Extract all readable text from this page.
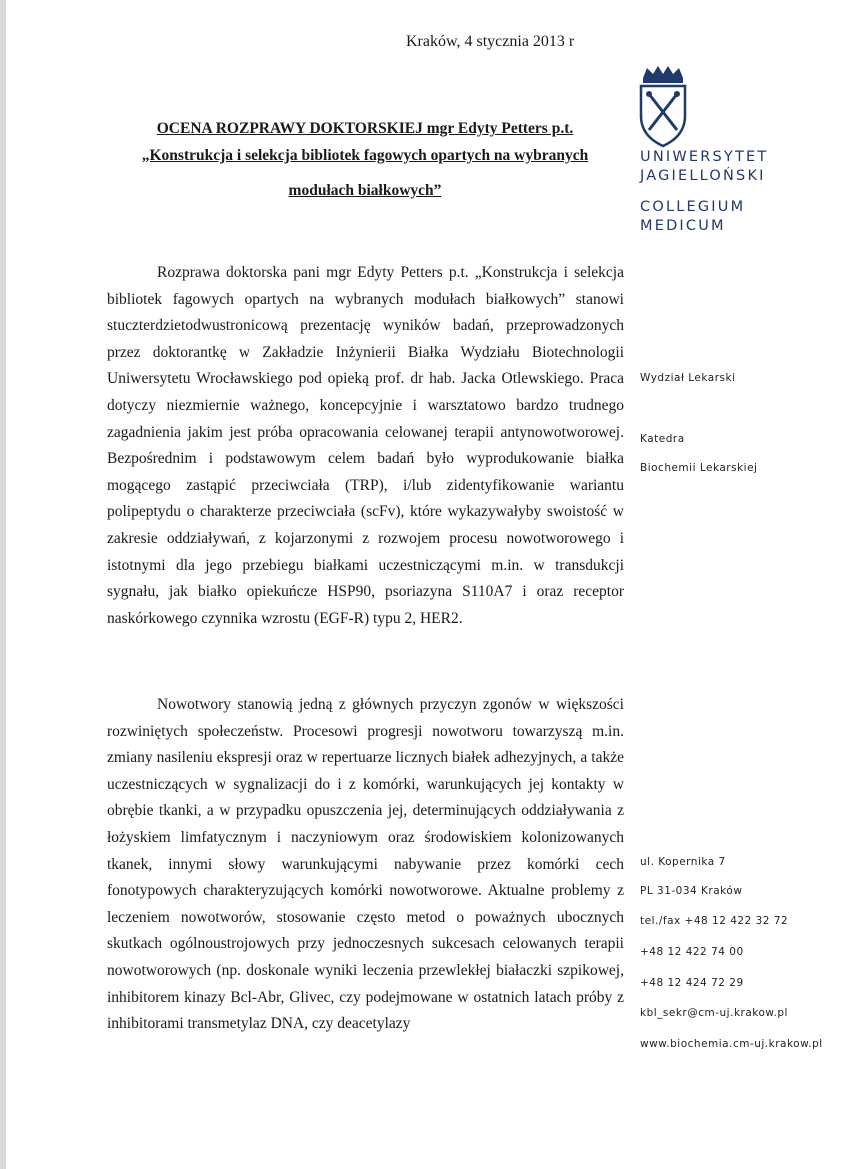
Kraków, 4 stycznia 2013 r
OCENA ROZPRAWY DOKTORSKIEJ mgr Edyty Petters p.t.
„Konstrukcja i selekcja bibliotek fagowych opartych na wybranych
modułach białkowych”
UNIWERSYTET
JAGIELLOŃSKI
COLLEGIUM
MEDICUM
Wydział Lekarski
Katedra
Biochemii Lekarskiej
ul. Kopernika 7
PL 31-034 Kraków
tel./fax +48 12 422 32 72
+48 12 422 74 00
+48 12 424 72 29
kbl_sekr@cm-uj.krakow.pl
www.biochemia.cm-uj.krakow.pl

Rozprawa doktorska pani mgr Edyty Petters p.t. „Konstrukcja i selekcja bibliotek fagowych opartych na wybranych modułach białkowych” stanowi stuczterdzietodwustronicową prezentację wyników badań, przeprowadzonych przez doktorantkę w Zakładzie Inżynierii Białka Wydziału Biotechnologii Uniwersytetu Wrocławskiego pod opieką prof. dr hab. Jacka Otlewskiego. Praca dotyczy niezmiernie ważnego, koncepcyjnie i warsztatowo bardzo trudnego zagadnienia jakim jest próba opracowania celowanej terapii antynowotworowej. Bezpośrednim i podstawowym celem badań było wyprodukowanie białka mogącego zastąpić przeciwciała (TRP), i/lub zidentyfikowanie wariantu polipeptydu o charakterze przeciwciała (scFv), które wykazywałyby swoistość w zakresie oddziaływań, z kojarzonymi z rozwojem procesu nowotworowego i istotnymi dla jego przebiegu białkami uczestniczącymi m.in. w transdukcji sygnału, jak białko opiekuńcze HSP90, psoriazyna S110A7 i oraz receptor naskórkowego czynnika wzrostu (EGF-R) typu 2, HER2.

Nowotwory stanowią jedną z głównych przyczyn zgonów w większości rozwiniętych społeczeństw. Procesowi progresji nowotworu towarzyszą m.in. zmiany nasileniu ekspresji oraz w repertuarze licznych białek adhezyjnych, a także uczestniczących w sygnalizacji do i z komórki, warunkujących jej kontakty w obrębie tkanki, a w przypadku opuszczenia jej, determinujących oddziaływania z łożyskiem limfatycznym i naczyniowym oraz środowiskiem kolonizowanych tkanek, innymi słowy warunkującymi nabywanie przez komórki cech fonotypowych charakteryzujących komórki nowotworowe. Aktualne problemy z leczeniem nowotworów, stosowanie często metod o poważnych ubocznych skutkach ogólnoustrojowych przy jednoczesnych sukcesach celowanych terapii nowotworowych (np. doskonale wyniki leczenia przewlekłej białaczki szpikowej, inhibitorem kinazy Bcl-Abr, Glivec, czy podejmowane w ostatnich latach próby z inhibitorami transmetylaz DNA, czy deacetylazy
